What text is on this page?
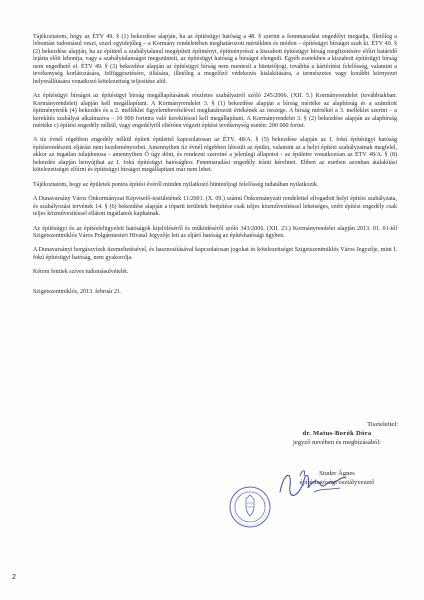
Tájékoztatom, hogy az ÉTV 49. § (1) bekezdése alapján, ha az építésügyi hatóság a 48. § szerint a fennmaradási engedélyt megadja, illetőleg a lebontást tudomásul veszi, ezzel egyidejűleg – a Kormány rendeletében meghatározott mértékben és módon – építésügyi bírságot szab ki. ÉTV 49. § (2) bekezdése alapján, ha az építtető a szabálytalanul megépített építményt, építményrészt a kiszabott építésügyi bírság megfizetésére előírt határidő lejárta előtt lebontja, vagy a szabálytalanságot megszünteti, az építésügyi hatóság a bírságot elengedi. Egyéb esetekben a kiszabott építésügyi bírság nem engedhető el. ÉTV 49. § (3) bekezdése alapján az építésügyi bírság nem mentesít a büntetőjogi, továbbá a kártérítési felelősség, valamint a tevékenység korlátozására, felfüggesztésére, tiltására, illetőleg a megelőző védekezés kialakítására, a természetes vagy korábbi környezet helyreállítására vonatkozó kötelezettség teljesítése alól.

Az építésügyi bírságot az építésügyi bírság megállapításának részletes szabályairól szóló 245/2006. (XII. 5.) Kormányrendelet (továbbiakban: Kormányrendelet) alapján kell megállapítani. A Kormányrendelet 3. § (1) bekezdése alapján a bírság mértéke az alapbírság és a számított építményérték (4) bekezdés és a 2. melléklet figyelembevételével meghatározott értékének az összege. A bírság mértékét a 3. melléklet szerint – a kerekítés szabályai alkalmazva – 10 000 forintra való kerekítéssel kell megállapítani. A Kormányrendelet 3. § (2) bekezdése alapján az alapbírság mértéke c) építési engedély nélkül, vagy engedélytől eltérően végzett építési tevékenység esetén: 200 000 forint.

A tíz évnél régebben engedély nélkül épített épülettel kapcsolatosan az ÉTV. 48/A. § (5) bekezdése alapján az I. fokú építésügyi hatóság építésrendészeti eljárást nem kezdeményezhet. Amennyiben tíz évnél régebben létesült az épület, valamint az a helyi építési szabályzatnak megfelel, akkor az ingatlan tulajdonosa - amennyiben Ő úgy dönt, és rendezni szeretné a jelenlegi állapotot - az épületre vonatkozóan az ÉTV 48/A. § (8) bekezdés alapján benyújthat az I. fokú építésügyi hatósághoz Fennmaradási engedély iránti kérelmet. Ebben az esetben azonban átalakítási kötelezettséget előírni és építésügyi bírságot megállapítani már nem lehet.

Tájékoztatom, hogy az épületek pontos építési évéről minden nyilatkozó büntetőjogi felelősség tudatában nyilatkozik.

A Dunavarsány Város Önkormányzat Képviselő-testületének 11/2001. (X. 09.) számú Önkormányzati rendelettel elfogadott helyi építési szabályzata, és szabályozási tervének 14. § (6) bekezdése alapján a tóparti területek beépítése csak teljes közművesítéssel lehetséges, ezért építési engedély csak teljes közművesítéssel ellátott ingatlanok kaphatnak.

Az építésügyi és az építésfelügyeleti hatóságok kijelöléséről és működéséről szóló 343/2006. (XII. 23.) Kormányrendelet alapján 2013. 01. 01-től Szigetszentmiklós Város Polgármesteri Hivatal Jegyzője lett az eljáró hatóság az építéshatósági ügyben.

A Dunavarsányi horgászvízek üzemeltetésével, és hasznosításával kapcsolatosan jogokat és kötelezettséget Szigetszentmiklós Város Jegyzője, mint I. fokú építésügyi hatóság, nem gyakorolja.

Kérem fentiek szíves tudomásulvételét.

Szigetszentmiklós, 2013. február 21.

Tisztelettel:
dr. Matus-Borók Dóra
jegyző nevében és megbízásából:
Studer Ágnes
építéshatósági osztályvezető
2
